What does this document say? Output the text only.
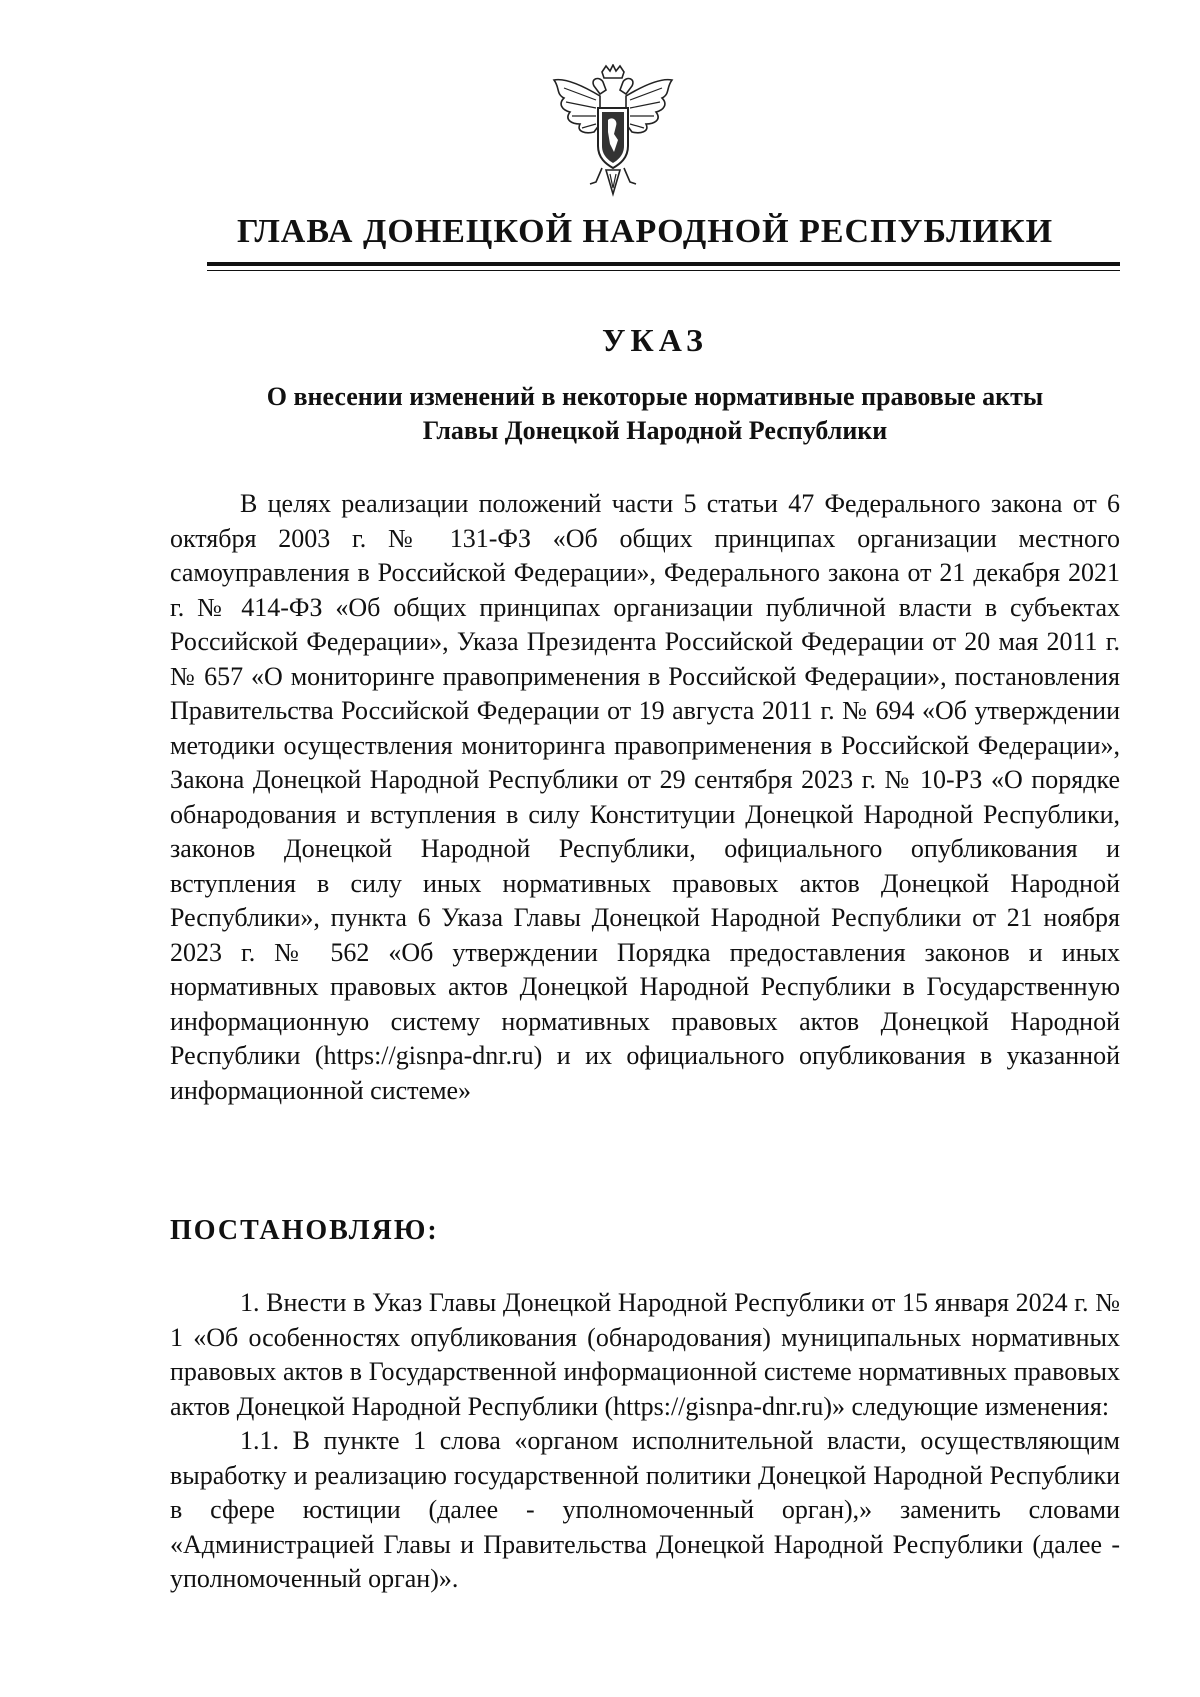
ГЛАВА ДОНЕЦКОЙ НАРОДНОЙ РЕСПУБЛИКИ
УКАЗ
О внесении изменений в некоторые нормативные правовые акты
Главы Донецкой Народной Республики

В целях реализации положений части 5 статьи 47 Федерального закона от 6 октября 2003 г. № 131-ФЗ «Об общих принципах организации местного самоуправления в Российской Федерации», Федерального закона от 21 декабря 2021 г. № 414-ФЗ «Об общих принципах организации публичной власти в субъектах Российской Федерации», Указа Президента Российской Федерации от 20 мая 2011 г. № 657 «О мониторинге правоприменения в Российской Федерации», постановления Правительства Российской Федерации от 19 августа 2011 г. № 694 «Об утверждении методики осуществления мониторинга правоприменения в Российской Федерации», Закона Донецкой Народной Республики от 29 сентября 2023 г. № 10-РЗ «О порядке обнародования и вступления в силу Конституции Донецкой Народной Республики, законов Донецкой Народной Республики, официального опубликования и вступления в силу иных нормативных правовых актов Донецкой Народной Республики», пункта 6 Указа Главы Донецкой Народной Республики от 21 ноября 2023 г. № 562 «Об утверждении Порядка предоставления законов и иных нормативных правовых актов Донецкой Народной Республики в Государственную информационную систему нормативных правовых актов Донецкой Народной Республики (https://gisnpa-dnr.ru) и их официального опубликования в указанной информационной системе»

ПОСТАНОВЛЯЮ:

1. Внести в Указ Главы Донецкой Народной Республики от 15 января 2024 г. № 1 «Об особенностях опубликования (обнародования) муниципальных нормативных правовых актов в Государственной информационной системе нормативных правовых актов Донецкой Народной Республики (https://gisnpa-dnr.ru)» следующие изменения:

1.1. В пункте 1 слова «органом исполнительной власти, осуществляющим выработку и реализацию государственной политики Донецкой Народной Республики в сфере юстиции (далее - уполномоченный орган),» заменить словами «Администрацией Главы и Правительства Донецкой Народной Республики (далее - уполномоченный орган)».
